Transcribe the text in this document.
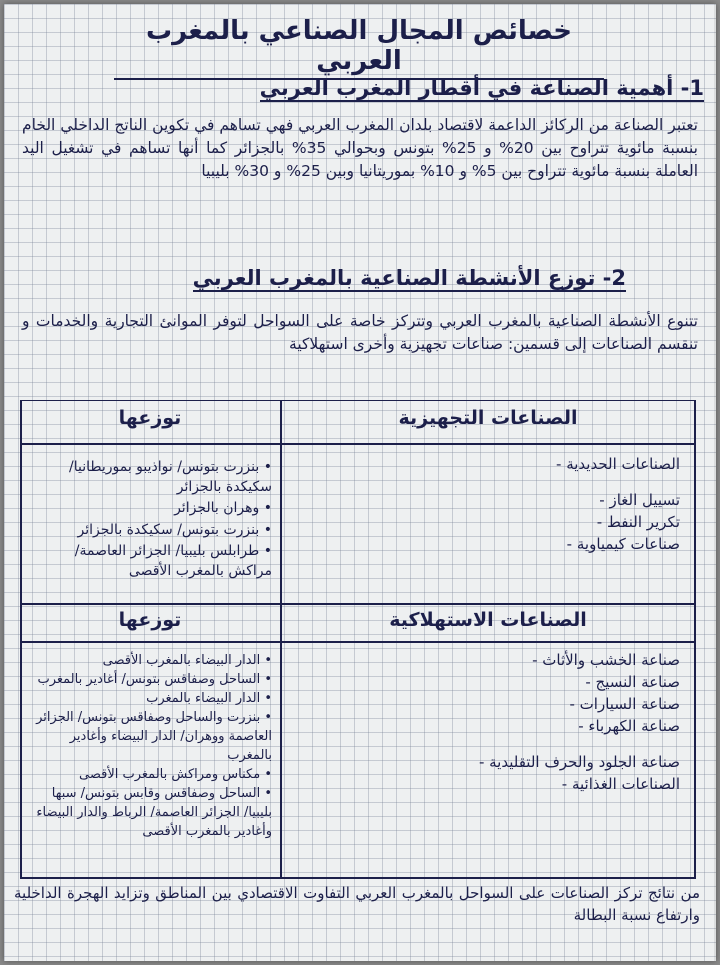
خصائص المجال الصناعي بالمغرب العربي
1- أهمية الصناعة في أقطار المغرب العربي
تعتبر الصناعة من الركائز الداعمة لاقتصاد بلدان المغرب العربي فهي تساهم في تكوين الناتج الداخلي الخام بنسبة مائوية تتراوح بين 20% و 25% بتونس وبحوالي 35% بالجزائر كما أنها تساهم في تشغيل اليد العاملة بنسبة مائوية تتراوح بين 5% و 10% بموريتانيا وبين 25% و 30% بليبيا
2- توزع الأنشطة الصناعية بالمغرب العربي
تتنوع الأنشطة الصناعية بالمغرب العربي وتتركز خاصة على السواحل لتوفر الموانئ التجارية والخدمات و تنقسم الصناعات إلى قسمين: صناعات تجهيزية وأخرى استهلاكية
الصناعات التجهيزية
توزعها
الصناعات الحديدية -
تسييل الغاز -
تكرير النفط -
صناعات كيمياوية -
• بنزرت بتونس/ نواذيبو بموريطانيا/ سكيكدة بالجزائر
• وهران بالجزائر
• بنزرت بتونس/ سكيكدة بالجزائر
• طرابلس بليبيا/ الجزائر العاصمة/ مراكش بالمغرب الأقصى
الصناعات الاستهلاكية
توزعها
صناعة الخشب والأثاث -
صناعة النسيج -
صناعة السيارات -
صناعة الكهرباء -
صناعة الجلود والحرف التقليدية -
الصناعات الغذائية -
• الدار البيضاء بالمغرب الأقصى
• الساحل وصفاقس بتونس/ أغادير بالمغرب
• الدار البيضاء بالمغرب
• بنزرت والساحل وصفاقس بتونس/ الجزائر العاصمة ووهران/ الدار البيضاء وأغادير بالمغرب
• مكناس ومراكش بالمغرب الأقصى
• الساحل وصفاقس وقابس بتونس/ سبها بليبيا/ الجزائر العاصمة/ الرباط والدار البيضاء وأغادير بالمغرب الأقصى
من نتائج تركز الصناعات على السواحل بالمغرب العربي التفاوت الاقتصادي بين المناطق وتزايد الهجرة الداخلية وارتفاع نسبة البطالة
